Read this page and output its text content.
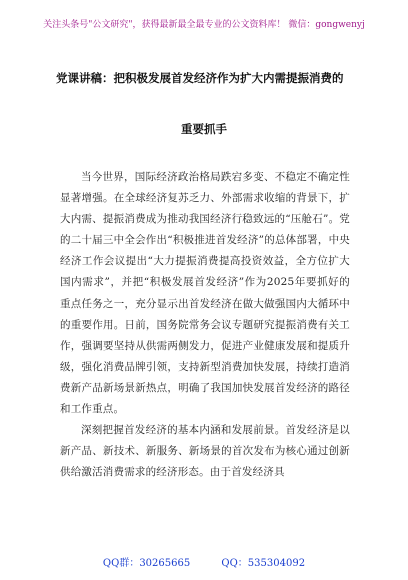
关注头条号"公文研究"，获得最新最全最专业的公文资料库！ 微信：gongwenyj
党课讲稿：把积极发展首发经济作为扩大内需提振消费的
重要抓手

当今世界，国际经济政治格局跌宕多变、不稳定不确定性显著增强。在全球经济复苏乏力、外部需求收缩的背景下，扩大内需、提振消费成为推动我国经济行稳致远的“压舱石”。党的二十届三中全会作出“积极推进首发经济”的总体部署，中央经济工作会议提出“大力提振消费提高投资效益，全方位扩大国内需求”，并把“积极发展首发经济”作为2025年要抓好的重点任务之一，充分显示出首发经济在做大做强国内大循环中的重要作用。日前，国务院常务会议专题研究提振消费有关工作，强调要坚持从供需两侧发力，促进产业健康发展和提质升级，强化消费品牌引领，支持新型消费加快发展，持续打造消费新产品新场景新热点，明确了我国加快发展首发经济的路径和工作重点。

深刻把握首发经济的基本内涵和发展前景。首发经济是以新产品、新技术、新服务、新场景的首次发布为核心通过创新供给激活消费需求的经济形态。由于首发经济具

QQ群：30265665	QQ：535304092
